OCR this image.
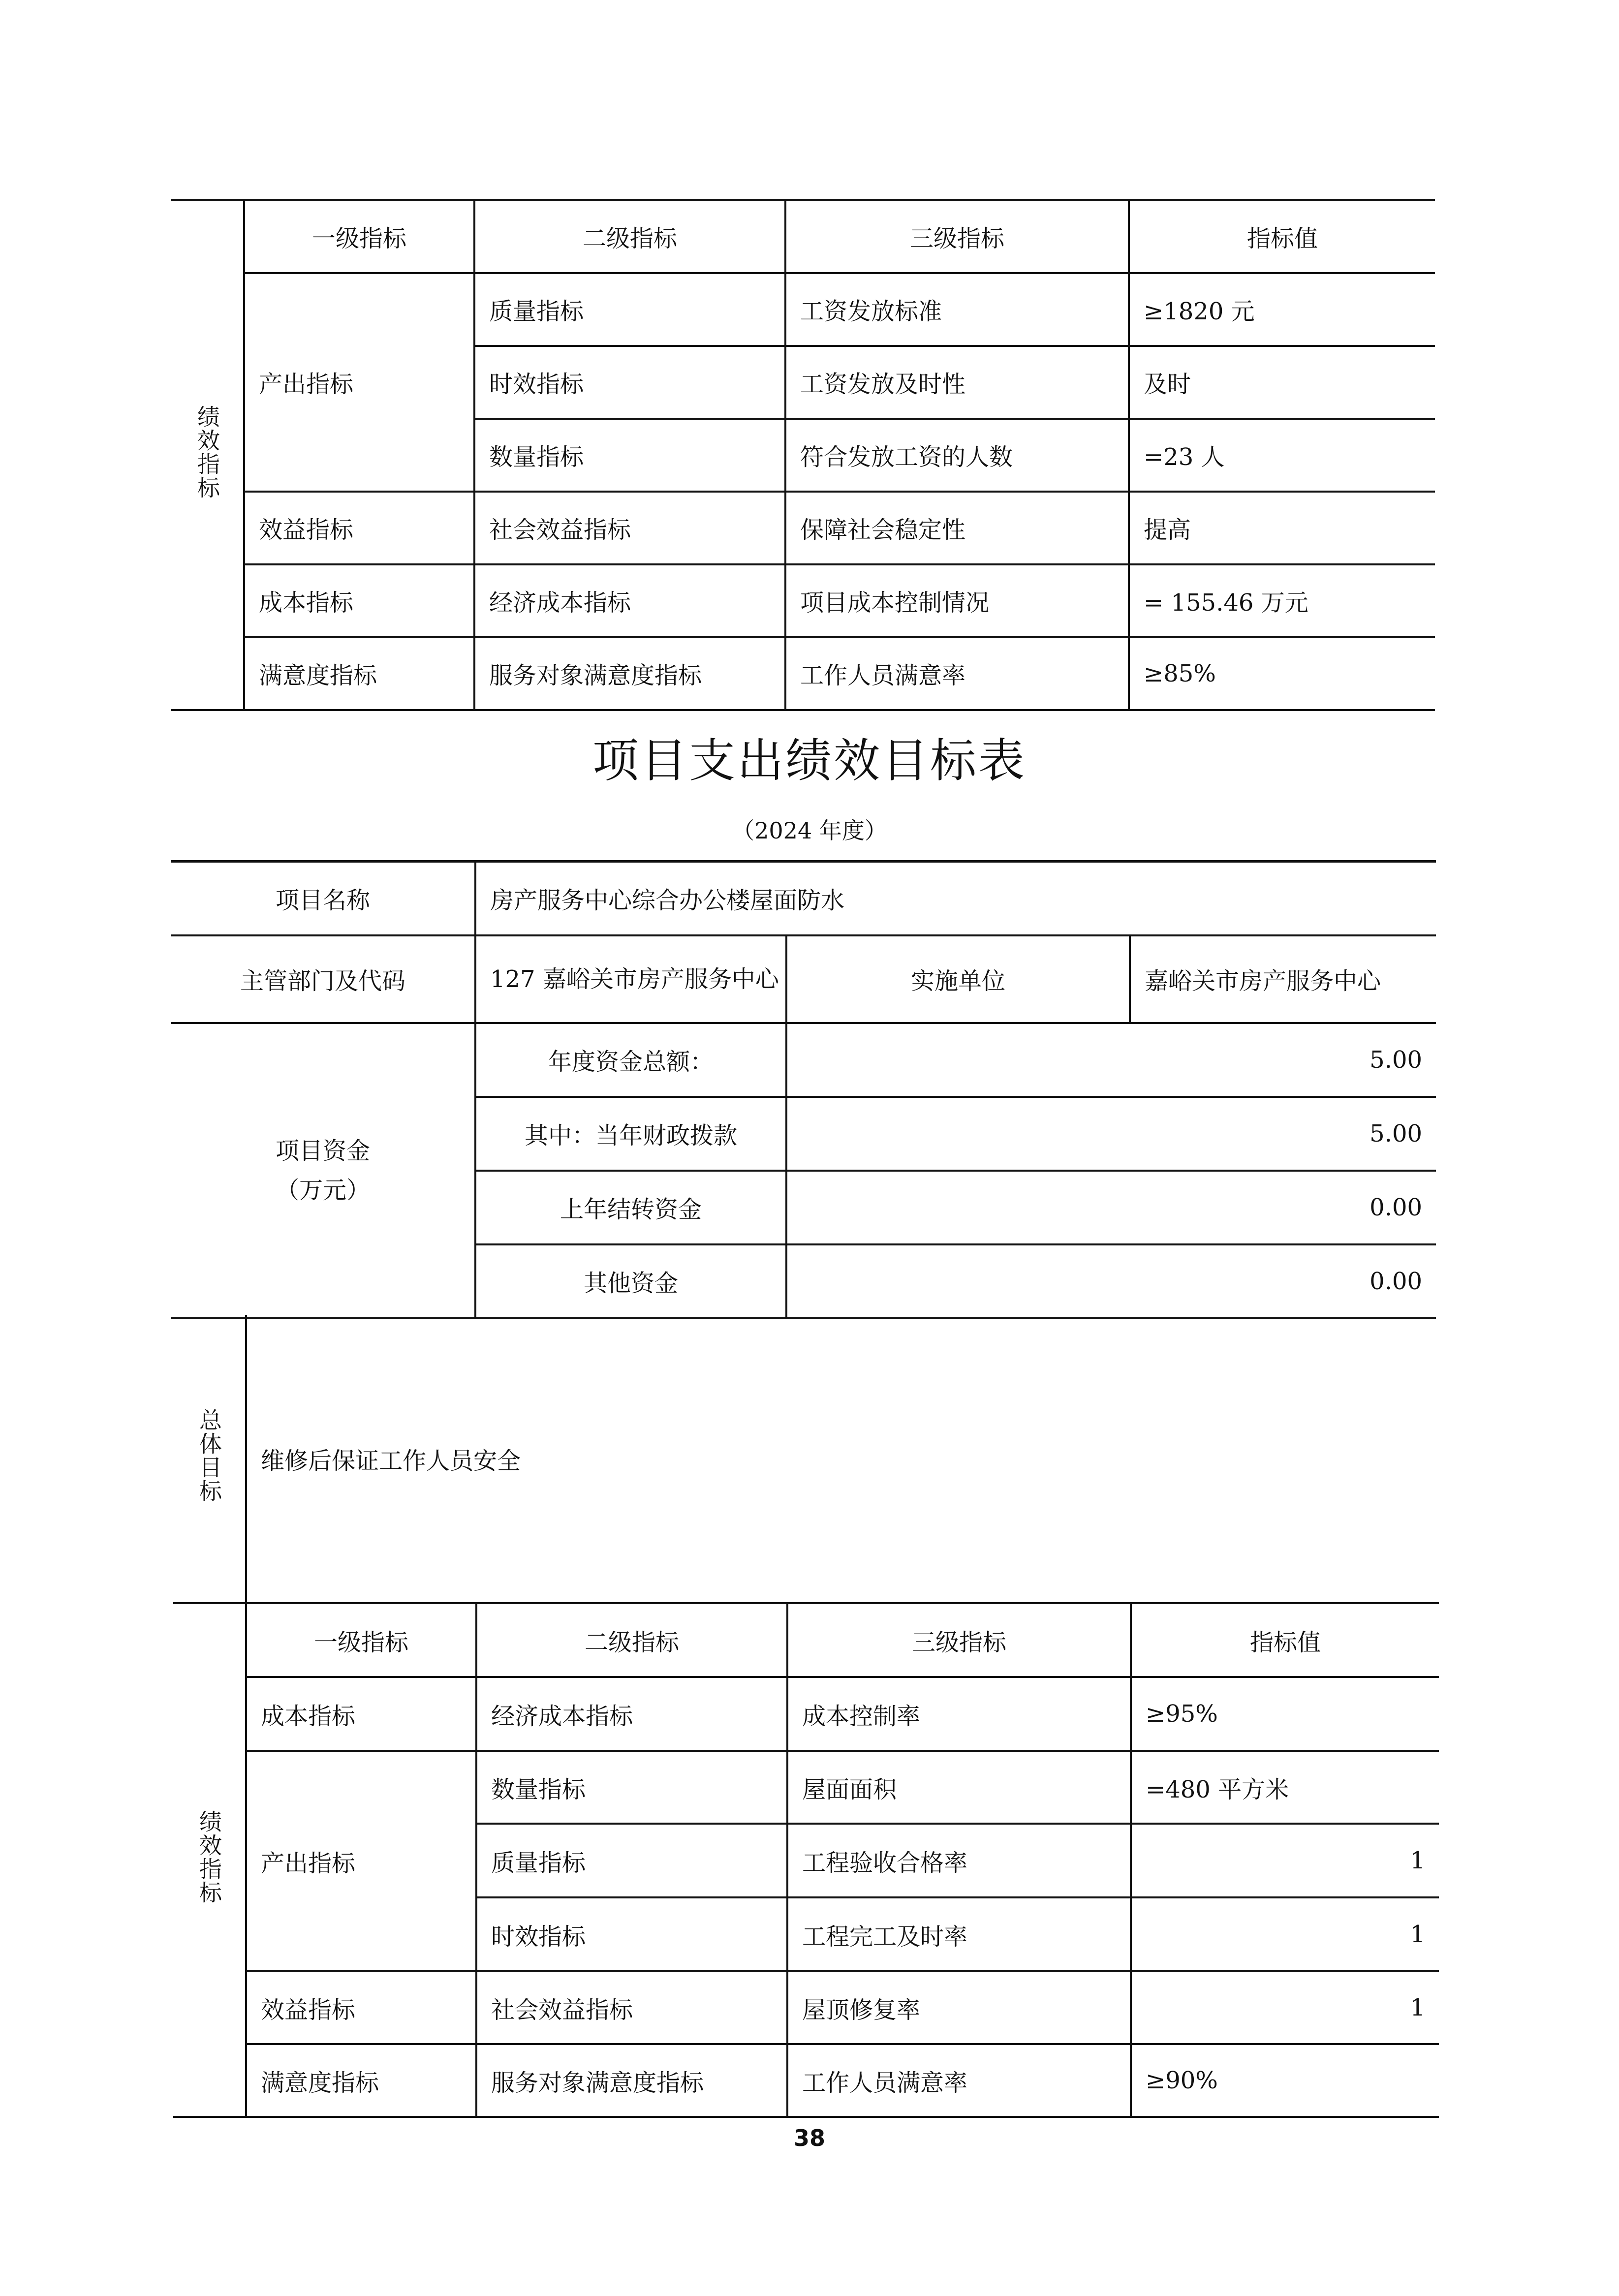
绩效指标	一级指标	二级指标	三级指标	指标值
	产出指标	质量指标	工资发放标准	≥1820 元
		时效指标	工资发放及时性	及时
		数量指标	符合发放工资的人数	=23 人
	效益指标	社会效益指标	保障社会稳定性	提高
	成本指标	经济成本指标	项目成本控制情况	= 155.46 万元
	满意度指标	服务对象满意度指标	工作人员满意率	≥85%
项目支出绩效目标表
（2024 年度）
项目名称	房产服务中心综合办公楼屋面防水		
主管部门及代码	127 嘉峪关市房产服务中心	实施单位	嘉峪关市房产服务中心

项目资金
（万元）	年度资金总额：	5.00	
	其中：当年财政拨款	5.00	
	上年结转资金	0.00	
	其他资金	0.00	
总体目标	维修后保证工作人员安全
绩效指标	一级指标	二级指标	三级指标	指标值
	成本指标	经济成本指标	成本控制率	≥95%
	产出指标	数量指标	屋面面积	=480 平方米
		质量指标	工程验收合格率	1
		时效指标	工程完工及时率	1
	效益指标	社会效益指标	屋顶修复率	1
	满意度指标	服务对象满意度指标	工作人员满意率	≥90%
38
